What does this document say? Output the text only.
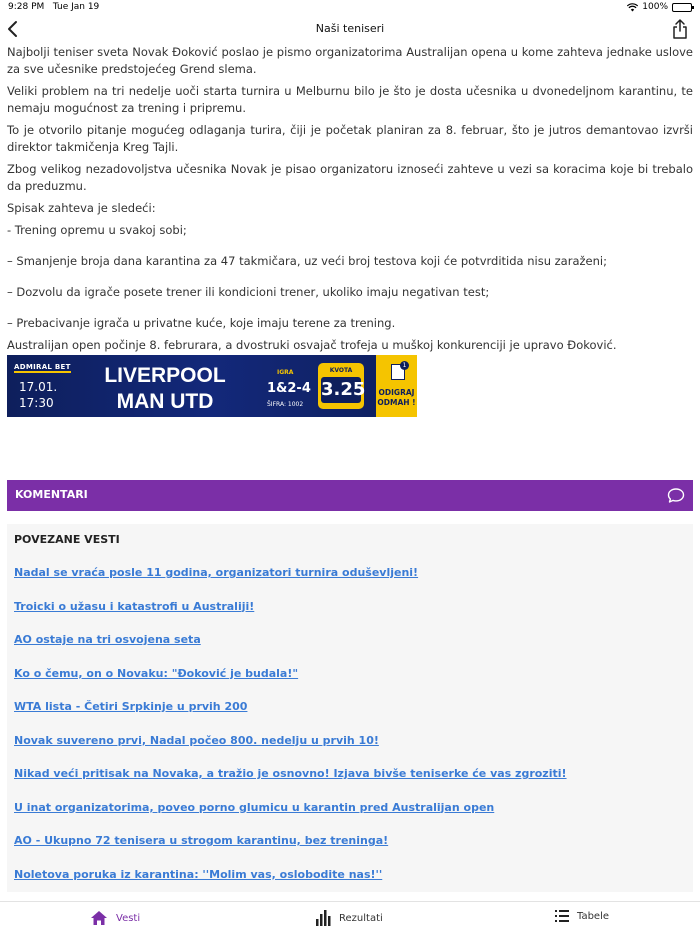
9:28 PM Tue Jan 19	100%
Naši teniseri

Najbolji teniser sveta Novak Đoković poslao je pismo organizatorima Australijan opena u kome zahteva jednake uslove za sve učesnike predstojećeg Grend slema.

Veliki problem na tri nedelje uoči starta turnira u Melburnu bilo je što je dosta učesnika u dvonedeljnom karantinu, te nemaju mogućnost za trening i pripremu.

To je otvorilo pitanje mogućeg odlaganja turira, čiji je početak planiran za 8. februar, što je jutros demantovao izvrši direktor takmičenja Kreg Tajli.

Zbog velikog nezadovoljstva učesnika Novak je pisao organizatoru iznoseći zahteve u vezi sa koracima koje bi trebalo da preduzmu.

Spisak zahteva je sledeći:

- Trening opremu u svakoj sobi;

– Smanjenje broja dana karantina za 47 takmičara, uz veći broj testova koji će potvrditida nisu zaraženi;

– Dozvolu da igrače posete trener ili kondicioni trener, ukoliko imaju negativan test;

– Prebacivanje igrača u privatne kuće, koje imaju terene za trening.

Australijan open počinje 8. februrara, a dvostruki osvajač trofeja u muškoj konkurenciji je upravo Đoković.

ADMIRAL BET
17.01.
17:30
LIVERPOOL
MAN UTD
IGRA
1&2-4
ŠIFRA: 1002
KVOTA
3.25
1
ODIGRAJ
ODMAH !
KOMENTARI
POVEZANE VESTI
Nadal se vraća posle 11 godina, organizatori turnira oduševljeni!
Troicki o užasu i katastrofi u Australiji!
AO ostaje na tri osvojena seta
Ko o čemu, on o Novaku: "Đoković je budala!"
WTA lista - Četiri Srpkinje u prvih 200
Novak suvereno prvi, Nadal počeo 800. nedelju u prvih 10!
Nikad veći pritisak na Novaka, a tražio je osnovno! Izjava bivše teniserke će vas zgroziti!
U inat organizatorima, poveo porno glumicu u karantin pred Australijan open
AO - Ukupno 72 tenisera u strogom karantinu, bez treninga!
Noletova poruka iz karantina: ''Molim vas, oslobodite nas!''
Vesti	Rezultati	Tabele
